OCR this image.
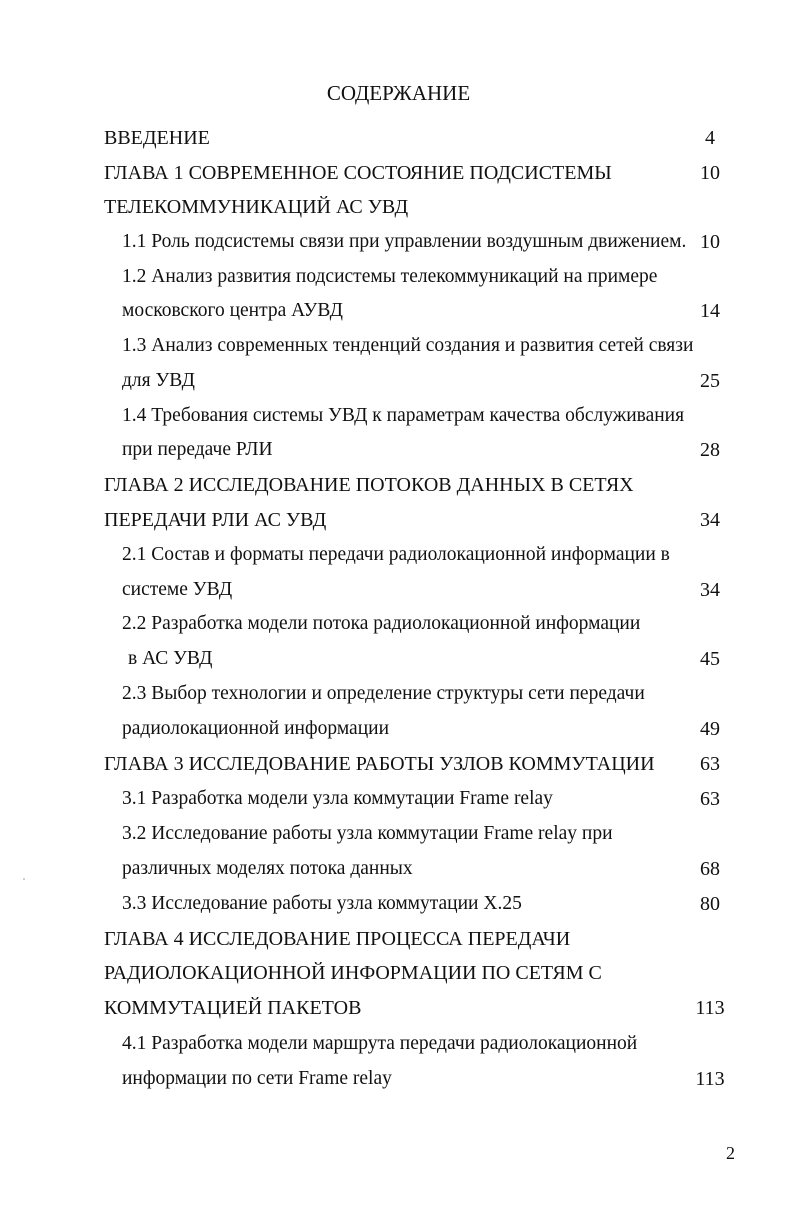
СОДЕРЖАНИЕ
ВВЕДЕНИЕ	4
ГЛАВА 1 СОВРЕМЕННОЕ СОСТОЯНИЕ ПОДСИСТЕМЫ	10
ТЕЛЕКОММУНИКАЦИЙ АС УВД
1.1 Роль подсистемы связи при управлении воздушным движением. 10
1.2 Анализ развития подсистемы телекоммуникаций на примере
московского центра АУВД	14
1.3 Анализ современных тенденций создания и развития сетей связи
для УВД	25
1.4 Требования системы УВД к параметрам качества обслуживания
при передаче РЛИ	28
ГЛАВА 2 ИССЛЕДОВАНИЕ ПОТОКОВ ДАННЫХ В СЕТЯХ
ПЕРЕДАЧИ РЛИ АС УВД	34
2.1 Состав и форматы передачи радиолокационной информации в
системе УВД	34
2.2 Разработка модели потока радиолокационной информации
в АС УВД	45
2.3 Выбор технологии и определение структуры сети передачи
радиолокационной информации	49
ГЛАВА 3 ИССЛЕДОВАНИЕ РАБОТЫ УЗЛОВ КОММУТАЦИИ	63
3.1 Разработка модели узла коммутации Frame relay	63
3.2 Исследование работы узла коммутации Frame relay при
различных моделях потока данных	68
3.3 Исследование работы узла коммутации Х.25	80
ГЛАВА 4 ИССЛЕДОВАНИЕ ПРОЦЕССА ПЕРЕДАЧИ
РАДИОЛОКАЦИОННОЙ ИНФОРМАЦИИ ПО СЕТЯМ С
КОММУТАЦИЕЙ ПАКЕТОВ	113
4.1 Разработка модели маршрута передачи радиолокационной
информации по сети Frame relay	113
2
